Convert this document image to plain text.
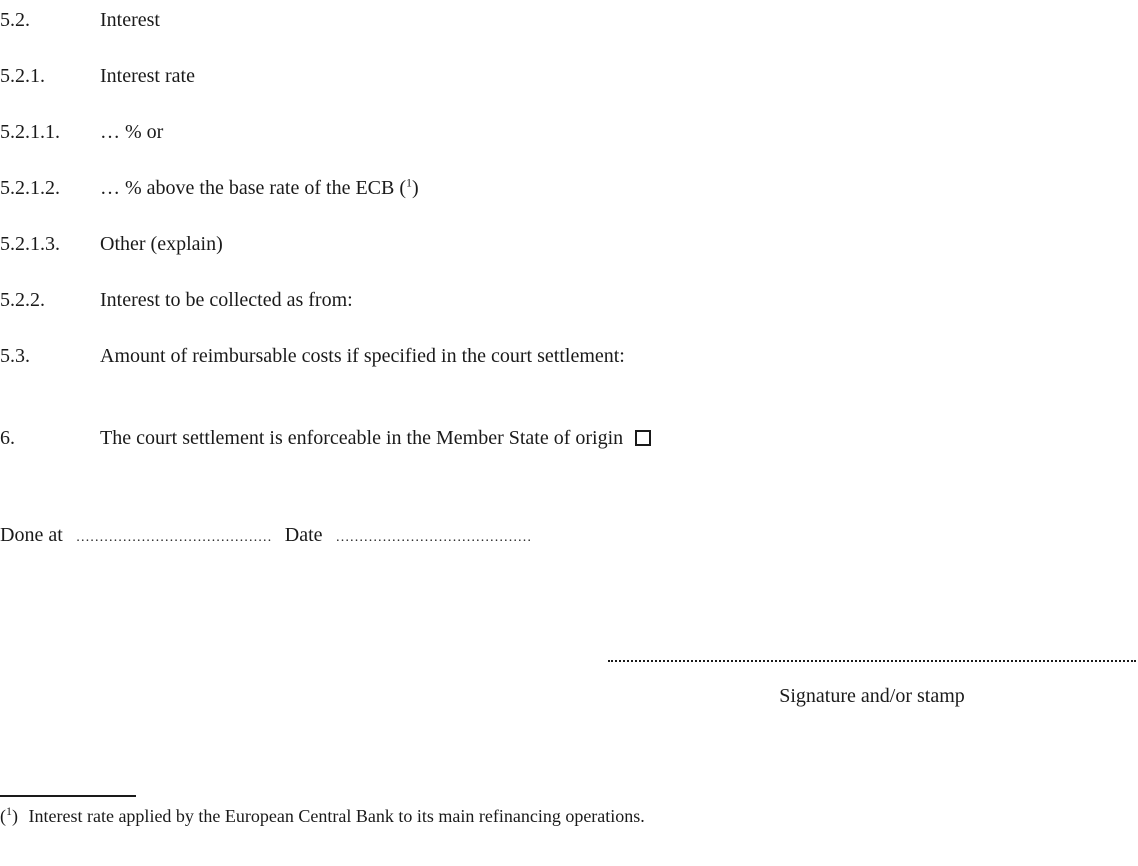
5.2.	Interest
5.2.1.	Interest rate
5.2.1.1. … % or
5.2.1.2. … % above the base rate of the ECB ($^1$)
5.2.1.3. Other (explain)
5.2.2.	Interest to be collected as from:
5.3.	Amount of reimbursable costs if specified in the court settlement:
6.	The court settlement is enforceable in the Member State of origin
Done at …………………………………… Date ……………………………………
Signature and/or stamp
($^1$) Interest rate applied by the European Central Bank to its main refinancing operations.
